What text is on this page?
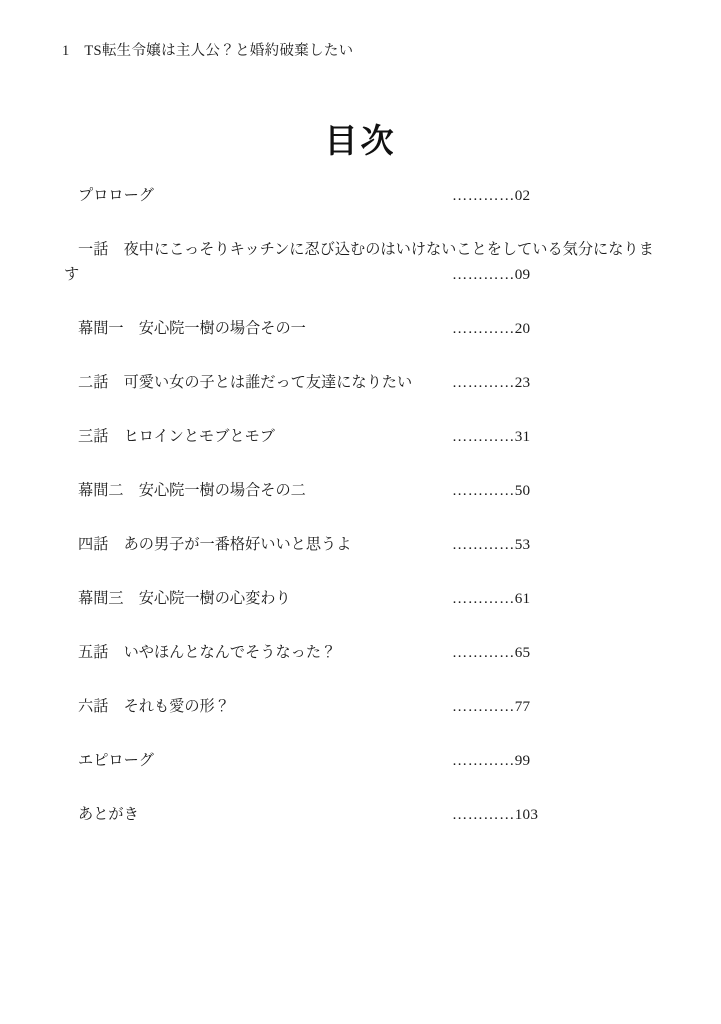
1　TS転生令嬢は主人公？と婚約破棄したい
目次
プロローグ	…………02
一話　夜中にこっそりキッチンに忍び込むのはいけないことをしている気分になります	…………09
幕間一　安心院一樹の場合その一	…………20
二話　可愛い女の子とは誰だって友達になりたい	…………23
三話　ヒロインとモブとモブ	…………31
幕間二　安心院一樹の場合その二	…………50
四話　あの男子が一番格好いいと思うよ	…………53
幕間三　安心院一樹の心変わり	…………61
五話　いやほんとなんでそうなった？	…………65
六話　それも愛の形？	…………77
エピローグ	…………99
あとがき	…………103
